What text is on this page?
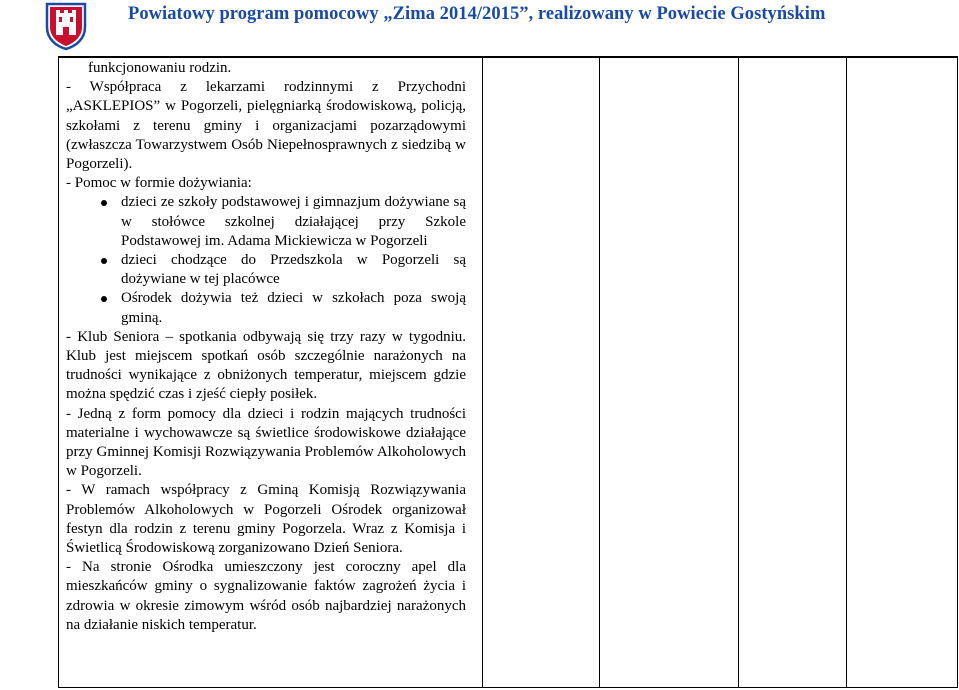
Powiatowy program pomocowy „Zima 2014/2015”, realizowany w Powiecie Gostyńskim

funkcjonowaniu rodzin.

- Współpraca z lekarzami rodzinnymi z Przychodni „ASKLEPIOS” w Pogorzeli, pielęgniarką środowiskową, policją, szkołami z terenu gminy i organizacjami pozarządowymi (zwłaszcza Towarzystwem Osób Niepełnosprawnych z siedzibą w Pogorzeli).

- Pomoc w formie dożywiania:

dzieci ze szkoły podstawowej i gimnazjum dożywiane są w stołówce szkolnej działającej przy Szkole Podstawowej im. Adama Mickiewicza w Pogorzeli
dzieci chodzące do Przedszkola w Pogorzeli są dożywiane w tej placówce
Ośrodek dożywia też dzieci w szkołach poza swoją gminą.

- Klub Seniora – spotkania odbywają się trzy razy w tygodniu. Klub jest miejscem spotkań osób szczególnie narażonych na trudności wynikające z obniżonych temperatur, miejscem gdzie można spędzić czas i zjeść ciepły posiłek.

- Jedną z form pomocy dla dzieci i rodzin mających trudności materialne i wychowawcze są świetlice środowiskowe działające przy Gminnej Komisji Rozwiązywania Problemów Alkoholowych w Pogorzeli.

- W ramach współpracy z Gminą Komisją Rozwiązywania Problemów Alkoholowych w Pogorzeli Ośrodek organizował festyn dla rodzin z terenu gminy Pogorzela. Wraz z Komisja i Świetlicą Środowiskową zorganizowano Dzień Seniora.

- Na stronie Ośrodka umieszczony jest coroczny apel dla mieszkańców gminy o sygnalizowanie faktów zagrożeń życia i zdrowia w okresie zimowym wśród osób najbardziej narażonych na działanie niskich temperatur.
